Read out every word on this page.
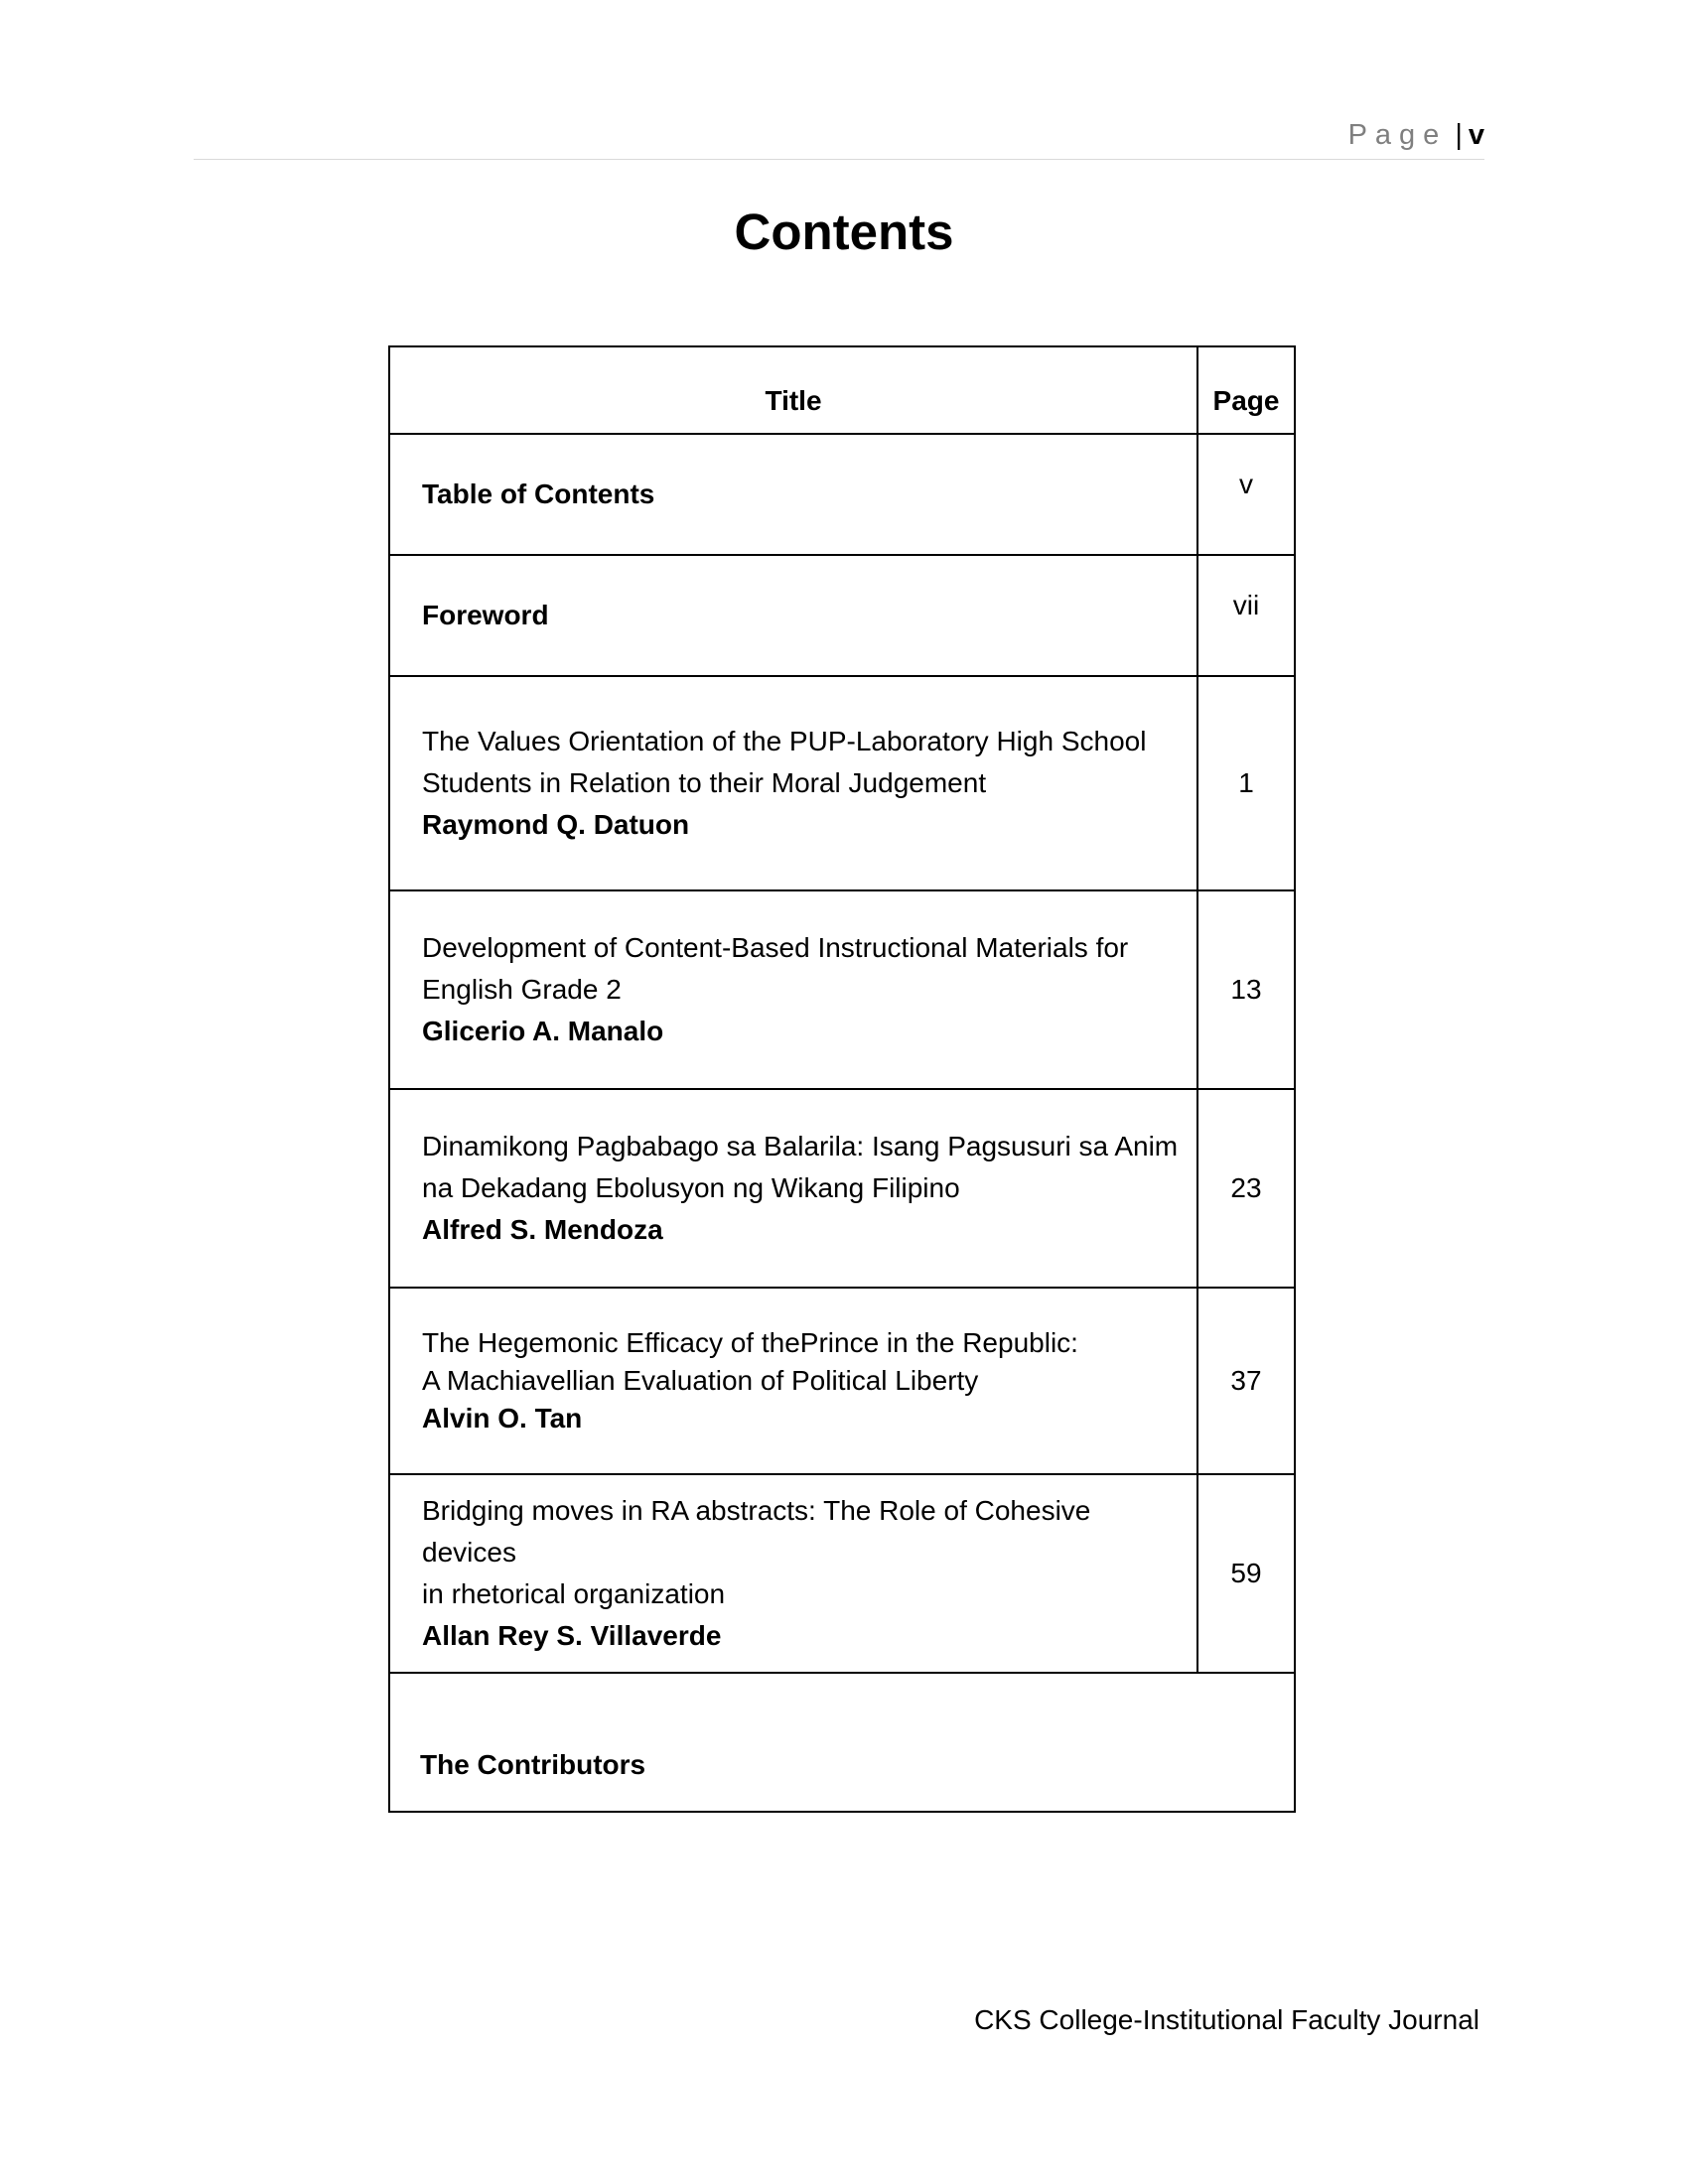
Page | v
Contents
Title	Page
Table of Contents	v
Foreword	vii

The Values Orientation of the PUP-Laboratory High School
Students in Relation to their Moral Judgement
Raymond Q. Datuon	1

Development of Content-Based Instructional Materials for
English Grade 2
Glicerio A. Manalo	13

Dinamikong Pagbabago sa Balarila: Isang Pagsusuri sa Anim
na Dekadang Ebolusyon ng Wikang Filipino
Alfred S. Mendoza	23

The Hegemonic Efficacy of thePrince in the Republic:
A Machiavellian Evaluation of Political Liberty
Alvin O. Tan	37

Bridging moves in RA abstracts: The Role of Cohesive devices
in rhetorical organization
Allan Rey S. Villaverde	59
The Contributors	
CKS College-Institutional Faculty Journal
